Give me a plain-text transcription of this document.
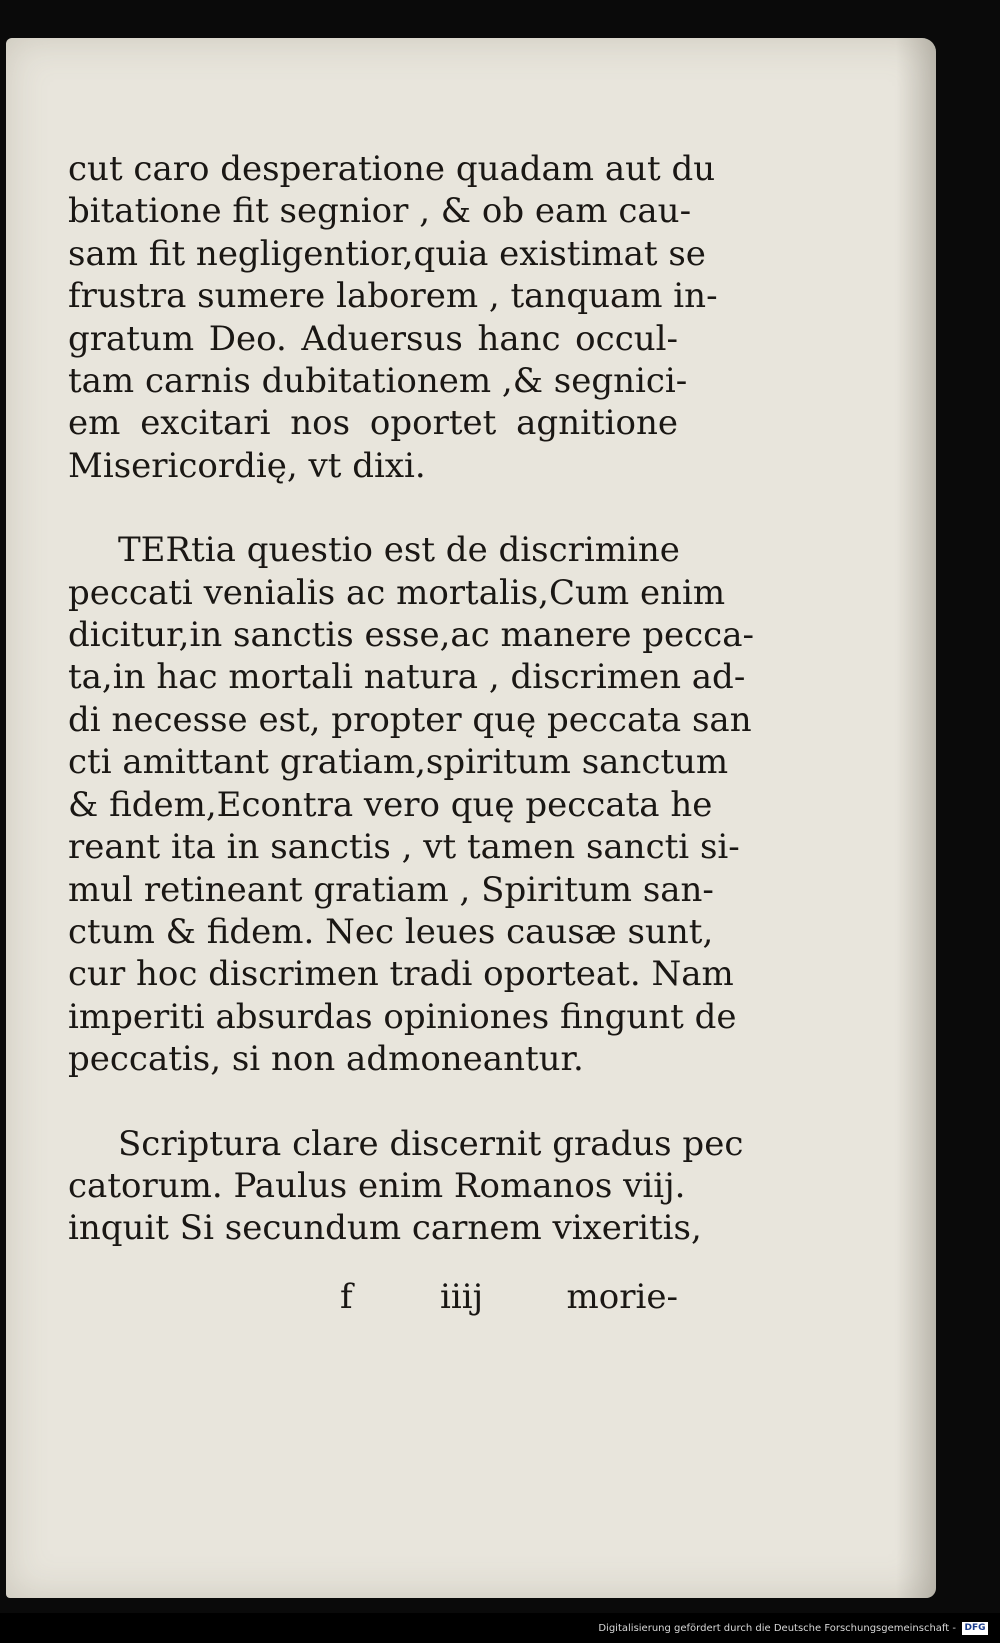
cut caro desperatione quadam aut du
bitatione fit segnior , & ob eam cau-
sam fit negligentior,quia existimat se
frustra sumere laborem , tanquam in-
gratum Deo. Aduersus hanc occul-
tam carnis dubitationem ,& segnici-
em excitari nos oportet agnitione
Misericordię, vt dixi.
TERtia questio est de discrimine
peccati venialis ac mortalis,Cum enim
dicitur,in sanctis esse,ac manere pecca-
ta,in hac mortali natura , discrimen ad-
di necesse est, propter quę peccata san
cti amittant gratiam,spiritum sanctum
& fidem,Econtra vero quę peccata he
reant ita in sanctis , vt tamen sancti si-
mul retineant gratiam , Spiritum san-
ctum & fidem. Nec leues causæ sunt,
cur hoc discrimen tradi oporteat. Nam
imperiti absurdas opiniones fingunt de
peccatis, si non admoneantur.
Scriptura clare discernit gradus pec
catorum. Paulus enim Romanos viij.
inquit Si secundum carnem vixeritis,
f	iiij morie-
Digitalisierung gefördert durch die Deutsche Forschungsgemeinschaft - DFG
